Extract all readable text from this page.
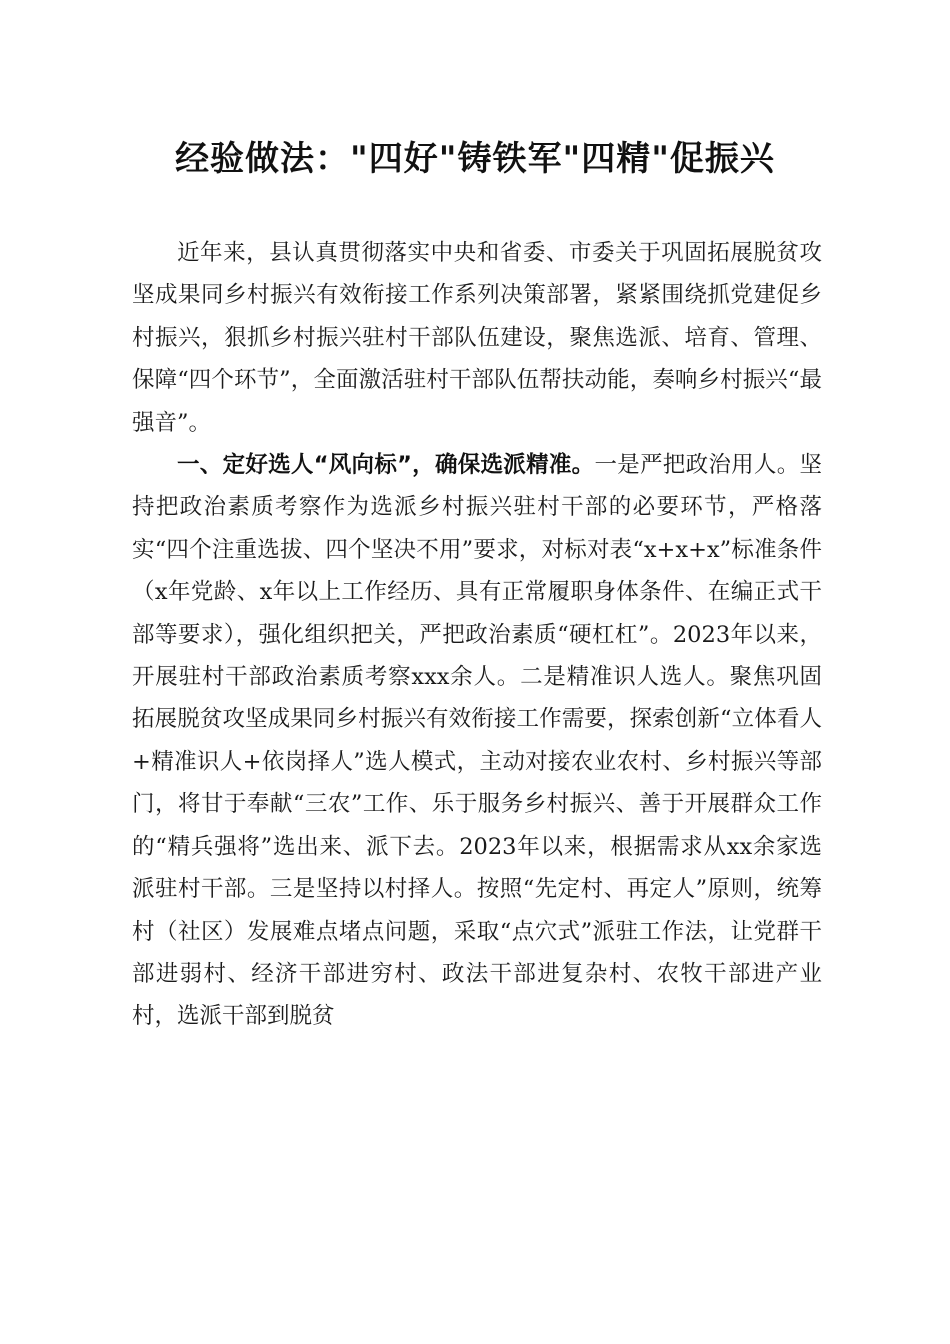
经验做法："四好"铸铁军"四精"促振兴

近年来，县认真贯彻落实中央和省委、市委关于巩固拓展脱贫攻坚成果同乡村振兴有效衔接工作系列决策部署，紧紧围绕抓党建促乡村振兴，狠抓乡村振兴驻村干部队伍建设，聚焦选派、培育、管理、保障“四个环节”，全面激活驻村干部队伍帮扶动能，奏响乡村振兴“最强音”。

一、定好选人“风向标”，确保选派精准。一是严把政治用人。坚持把政治素质考察作为选派乡村振兴驻村干部的必要环节，严格落实“四个注重选拔、四个坚决不用”要求，对标对表“x+x+x”标准条件（x年党龄、x年以上工作经历、具有正常履职身体条件、在编正式干部等要求），强化组织把关，严把政治素质“硬杠杠”。2023年以来，开展驻村干部政治素质考察xxx余人。二是精准识人选人。聚焦巩固拓展脱贫攻坚成果同乡村振兴有效衔接工作需要，探索创新“立体看人+精准识人+依岗择人”选人模式，主动对接农业农村、乡村振兴等部门，将甘于奉献“三农”工作、乐于服务乡村振兴、善于开展群众工作的“精兵强将”选出来、派下去。2023年以来，根据需求从xx余家选派驻村干部。三是坚持以村择人。按照“先定村、再定人”原则，统筹村（社区）发展难点堵点问题，采取“点穴式”派驻工作法，让党群干部进弱村、经济干部进穷村、政法干部进复杂村、农牧干部进产业村，选派干部到脱贫
